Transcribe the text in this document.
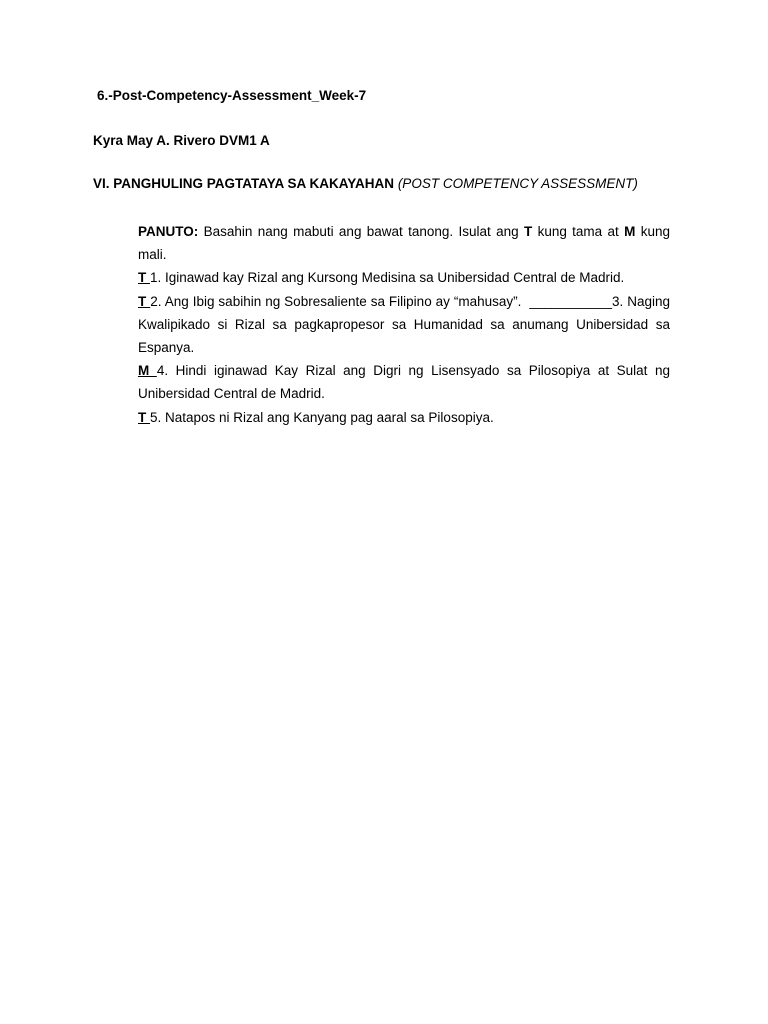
6.-Post-Competency-Assessment_Week-7
Kyra May A. Rivero DVM1 A
VI. PANGHULING PAGTATAYA SA KAKAYAHAN (POST COMPETENCY ASSESSMENT)

PANUTO: Basahin nang mabuti ang bawat tanong. Isulat ang T kung tama at M kung mali.

T 1. Iginawad kay Rizal ang Kursong Medisina sa Unibersidad Central de Madrid.

T 2. Ang Ibig sabihin ng Sobresaliente sa Filipino ay “mahusay”. ___________3. Naging Kwalipikado si Rizal sa pagkapropesor sa Humanidad sa anumang Unibersidad sa Espanya.

M 4. Hindi iginawad Kay Rizal ang Digri ng Lisensyado sa Pilosopiya at Sulat ng Unibersidad Central de Madrid.

T 5. Natapos ni Rizal ang Kanyang pag aaral sa Pilosopiya.
